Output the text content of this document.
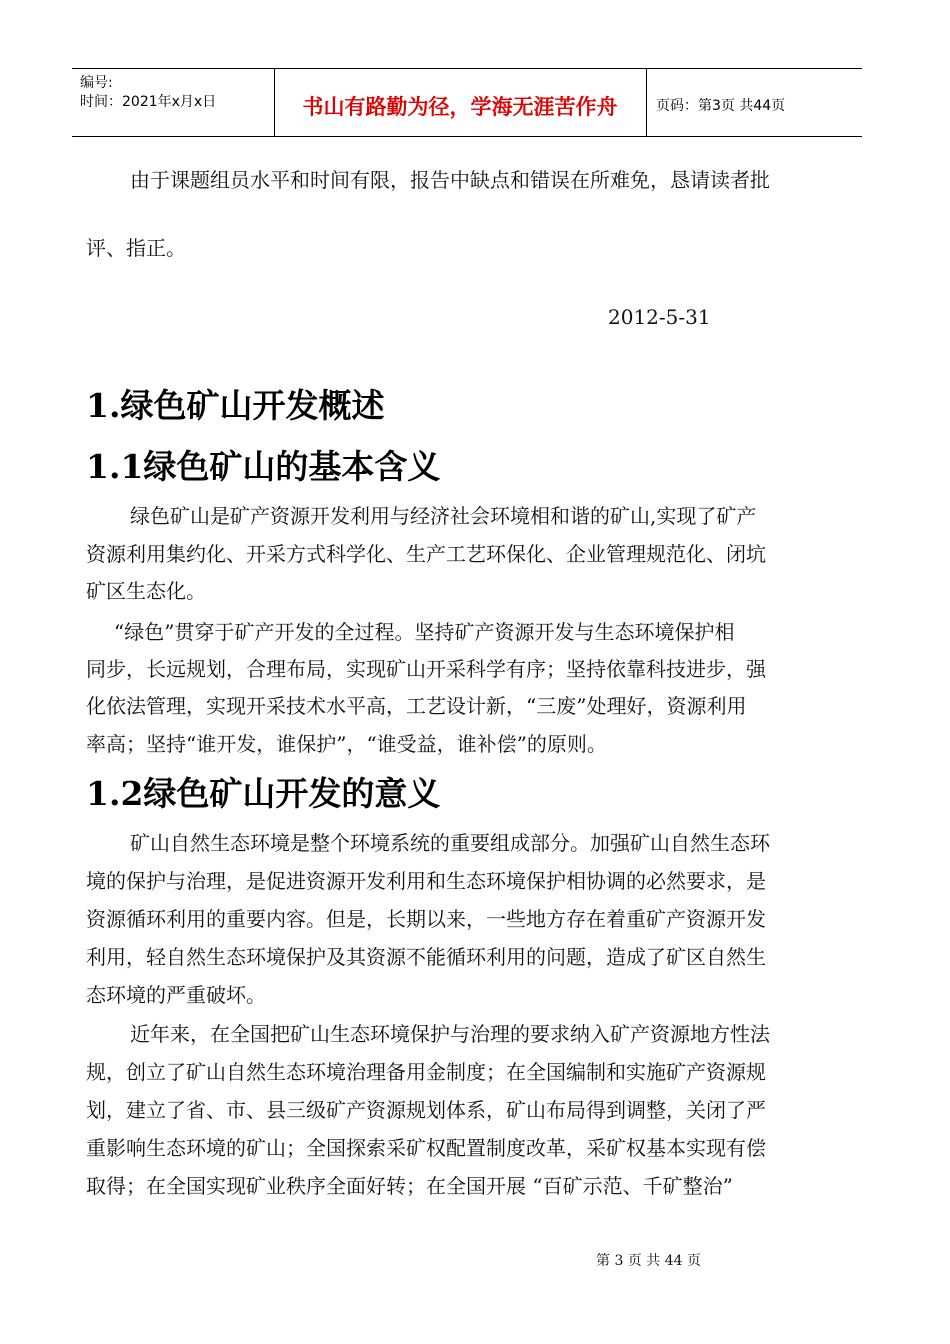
编号:
时间：2021年x月x日	书山有路勤为径，学海无涯苦作舟	页码：第3页 共44页
由于课题组员水平和时间有限，报告中缺点和错误在所难免，恳请读者批
评、指正。
2012-5-31
1.绿色矿山开发概述
1.1绿色矿山的基本含义
绿色矿山是矿产资源开发利用与经济社会环境相和谐的矿山,实现了矿产
资源利用集约化、开采方式科学化、生产工艺环保化、企业管理规范化、闭坑
矿区生态化。
“绿色”贯穿于矿产开发的全过程。坚持矿产资源开发与生态环境保护相
同步，长远规划，合理布局，实现矿山开采科学有序；坚持依靠科技进步，强
化依法管理，实现开采技术水平高，工艺设计新，“三废”处理好，资源利用
率高；坚持“谁开发，谁保护”，“谁受益，谁补偿”的原则。
1.2绿色矿山开发的意义
矿山自然生态环境是整个环境系统的重要组成部分。加强矿山自然生态环
境的保护与治理，是促进资源开发利用和生态环境保护相协调的必然要求，是
资源循环利用的重要内容。但是，长期以来，一些地方存在着重矿产资源开发
利用，轻自然生态环境保护及其资源不能循环利用的问题，造成了矿区自然生
态环境的严重破坏。
近年来，在全国把矿山生态环境保护与治理的要求纳入矿产资源地方性法
规，创立了矿山自然生态环境治理备用金制度；在全国编制和实施矿产资源规
划，建立了省、市、县三级矿产资源规划体系，矿山布局得到调整，关闭了严
重影响生态环境的矿山；全国探索采矿权配置制度改革，采矿权基本实现有偿
取得；在全国实现矿业秩序全面好转；在全国开展 “百矿示范、千矿整治”
第 3 页 共 44 页
